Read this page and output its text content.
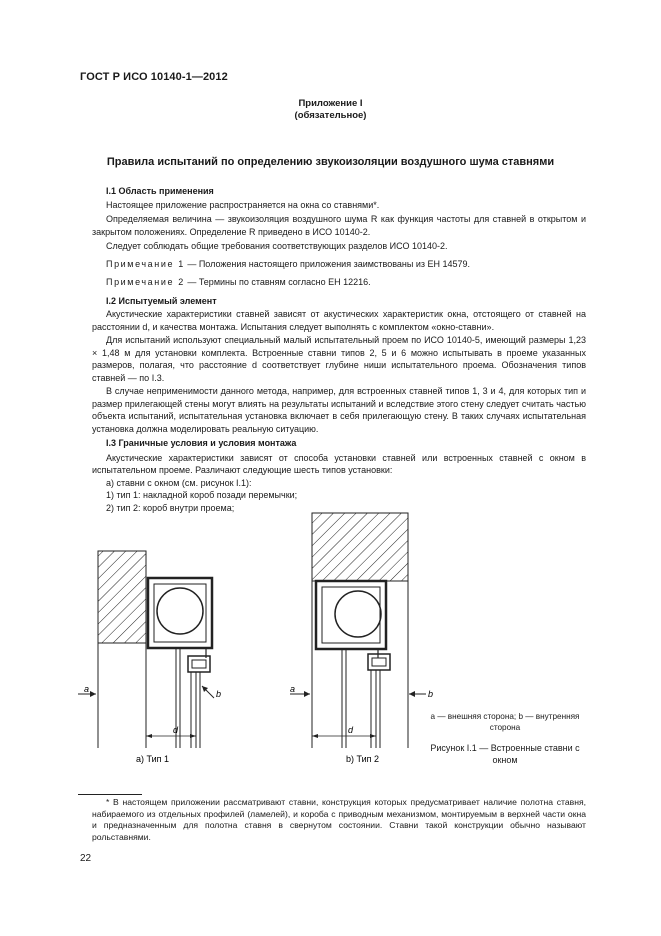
ГОСТ Р ИСО 10140-1—2012
Приложение I
(обязательное)
Правила испытаний по определению звукоизоляции воздушного шума ставнями

I.1 Область применения

Настоящее приложение распространяется на окна со ставнями*.

Определяемая величина — звукоизоляция воздушного шума R как функция частоты для ставней в открытом и закрытом положениях. Определение R приведено в ИСО 10140-2.

Следует соблюдать общие требования соответствующих разделов ИСО 10140-2.

Примечание 1 — Положения настоящего приложения заимствованы из ЕН 14579.

Примечание 2 — Термины по ставням согласно ЕН 12216.

I.2 Испытуемый элемент

Акустические характеристики ставней зависят от акустических характеристик окна, отстоящего от ставней на расстоянии d, и качества монтажа. Испытания следует выполнять с комплектом «окно-ставни».

Для испытаний используют специальный малый испытательный проем по ИСО 10140-5, имеющий размеры 1,23 × 1,48 м для установки комплекта. Встроенные ставни типов 2, 5 и 6 можно испытывать в проеме указанных размеров, полагая, что расстояние d соответствует глубине ниши испытательного проема. Обозначения типов ставней — по I.3.

В случае неприменимости данного метода, например, для встроенных ставней типов 1, 3 и 4, для которых тип и размер прилегающей стены могут влиять на результаты испытаний и вследствие этого стену следует считать частью объекта испытаний, испытательная установка включает в себя прилегающую стену. В таких случаях испытательная установка должна моделировать реальную ситуацию.

I.3 Граничные условия и условия монтажа

Акустические характеристики зависят от способа установки ставней или встроенных ставней с окном в испытательном проеме. Различают следующие шесть типов установки:

а) ставни с окном (см. рисунок I.1):

1) тип 1: накладной короб позади перемычки;

2) тип 2: короб внутри проема;

a	b
d
a) Тип 1
a	b
d
b) Тип 2
a — внешняя сторона; b — внутренняя сторона
Рисунок I.1 — Встроенные ставни с окном
* В настоящем приложении рассматривают ставни, конструкция которых предусматривает наличие полотна ставня, набираемого из отдельных профилей (ламелей), и короба с приводным механизмом, монтируемым в верхней части окна и предназначенным для полотна ставня в свернутом состоянии. Ставни такой конструкции обычно называют рольставнями.
22
